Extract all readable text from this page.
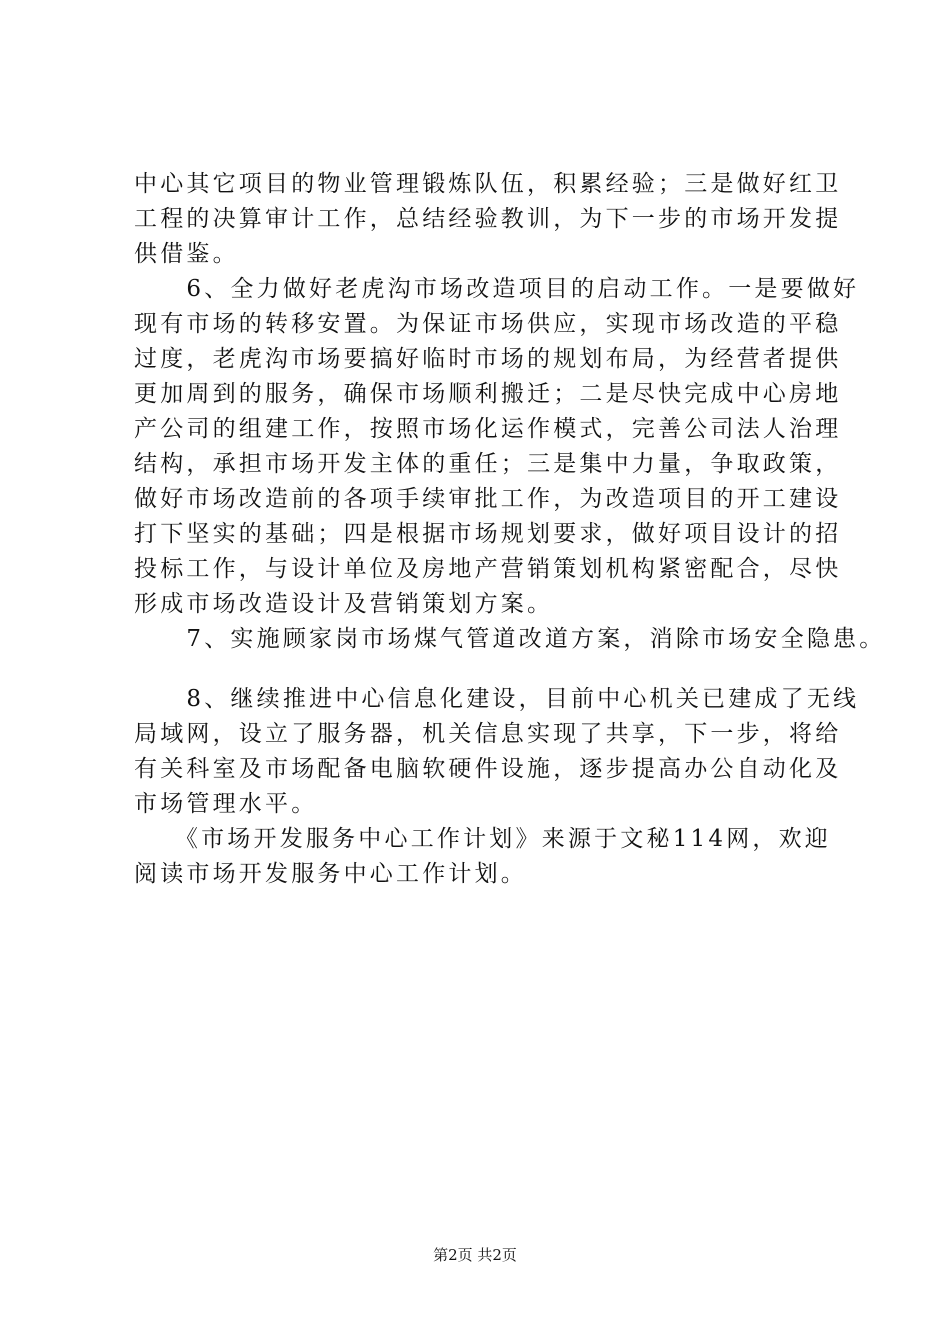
中心其它项目的物业管理锻炼队伍，积累经验；三是做好红卫
工程的决算审计工作，总结经验教训，为下一步的市场开发提
供借鉴。
　　6、全力做好老虎沟市场改造项目的启动工作。一是要做好
现有市场的转移安置。为保证市场供应，实现市场改造的平稳
过度，老虎沟市场要搞好临时市场的规划布局，为经营者提供
更加周到的服务，确保市场顺利搬迁；二是尽快完成中心房地
产公司的组建工作，按照市场化运作模式，完善公司法人治理
结构，承担市场开发主体的重任；三是集中力量，争取政策，
做好市场改造前的各项手续审批工作，为改造项目的开工建设
打下坚实的基础；四是根据市场规划要求，做好项目设计的招
投标工作，与设计单位及房地产营销策划机构紧密配合，尽快
形成市场改造设计及营销策划方案。
　　7、实施顾家岗市场煤气管道改道方案，消除市场安全隐患。
　　8、继续推进中心信息化建设，目前中心机关已建成了无线
局域网，设立了服务器，机关信息实现了共享，下一步，将给
有关科室及市场配备电脑软硬件设施，逐步提高办公自动化及
市场管理水平。
　　《市场开发服务中心工作计划》来源于文秘114网，欢迎
阅读市场开发服务中心工作计划。
第2页 共2页
